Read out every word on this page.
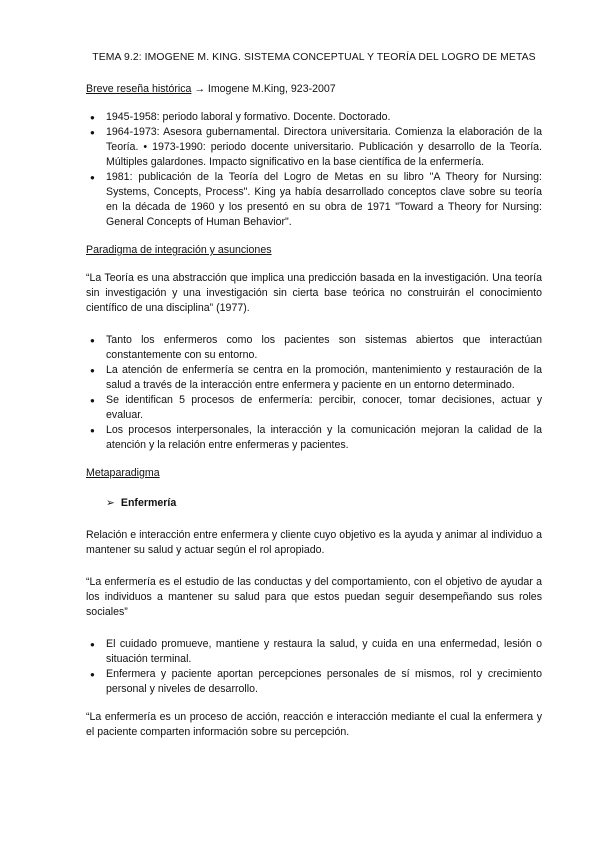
TEMA 9.2: IMOGENE M. KING. SISTEMA CONCEPTUAL Y TEORÍA DEL LOGRO DE METAS
Breve reseña histórica → Imogene M.King, 923-2007
● 1945-1958: periodo laboral y formativo. Docente. Doctorado.
● 1964-1973: Asesora gubernamental. Directora universitaria. Comienza la elaboración de la Teoría. • 1973-1990: periodo docente universitario. Publicación y desarrollo de la Teoría. Múltiples galardones. Impacto significativo en la base científica de la enfermería.
● 1981: publicación de la Teoría del Logro de Metas en su libro "A Theory for Nursing: Systems, Concepts, Process". King ya había desarrollado conceptos clave sobre su teoría en la década de 1960 y los presentó en su obra de 1971 "Toward a Theory for Nursing: General Concepts of Human Behavior".
Paradigma de integración y asunciones

“La Teoría es una abstracción que implica una predicción basada en la investigación. Una teoría sin investigación y una investigación sin cierta base teórica no construirán el conocimiento científico de una disciplina” (1977).

● Tanto los enfermeros como los pacientes son sistemas abiertos que interactúan constantemente con su entorno.
● La atención de enfermería se centra en la promoción, mantenimiento y restauración de la salud a través de la interacción entre enfermera y paciente en un entorno determinado.
● Se identifican 5 procesos de enfermería: percibir, conocer, tomar decisiones, actuar y evaluar.
● Los procesos interpersonales, la interacción y la comunicación mejoran la calidad de la atención y la relación entre enfermeras y pacientes.
Metaparadigma
➢ Enfermería

Relación e interacción entre enfermera y cliente cuyo objetivo es la ayuda y animar al individuo a mantener su salud y actuar según el rol apropiado.

“La enfermería es el estudio de las conductas y del comportamiento, con el objetivo de ayudar a los individuos a mantener su salud para que estos puedan seguir desempeñando sus roles sociales”

● El cuidado promueve, mantiene y restaura la salud, y cuida en una enfermedad, lesión o situación terminal.
● Enfermera y paciente aportan percepciones personales de sí mismos, rol y crecimiento personal y niveles de desarrollo.

“La enfermería es un proceso de acción, reacción e interacción mediante el cual la enfermera y el paciente comparten información sobre su percepción.
